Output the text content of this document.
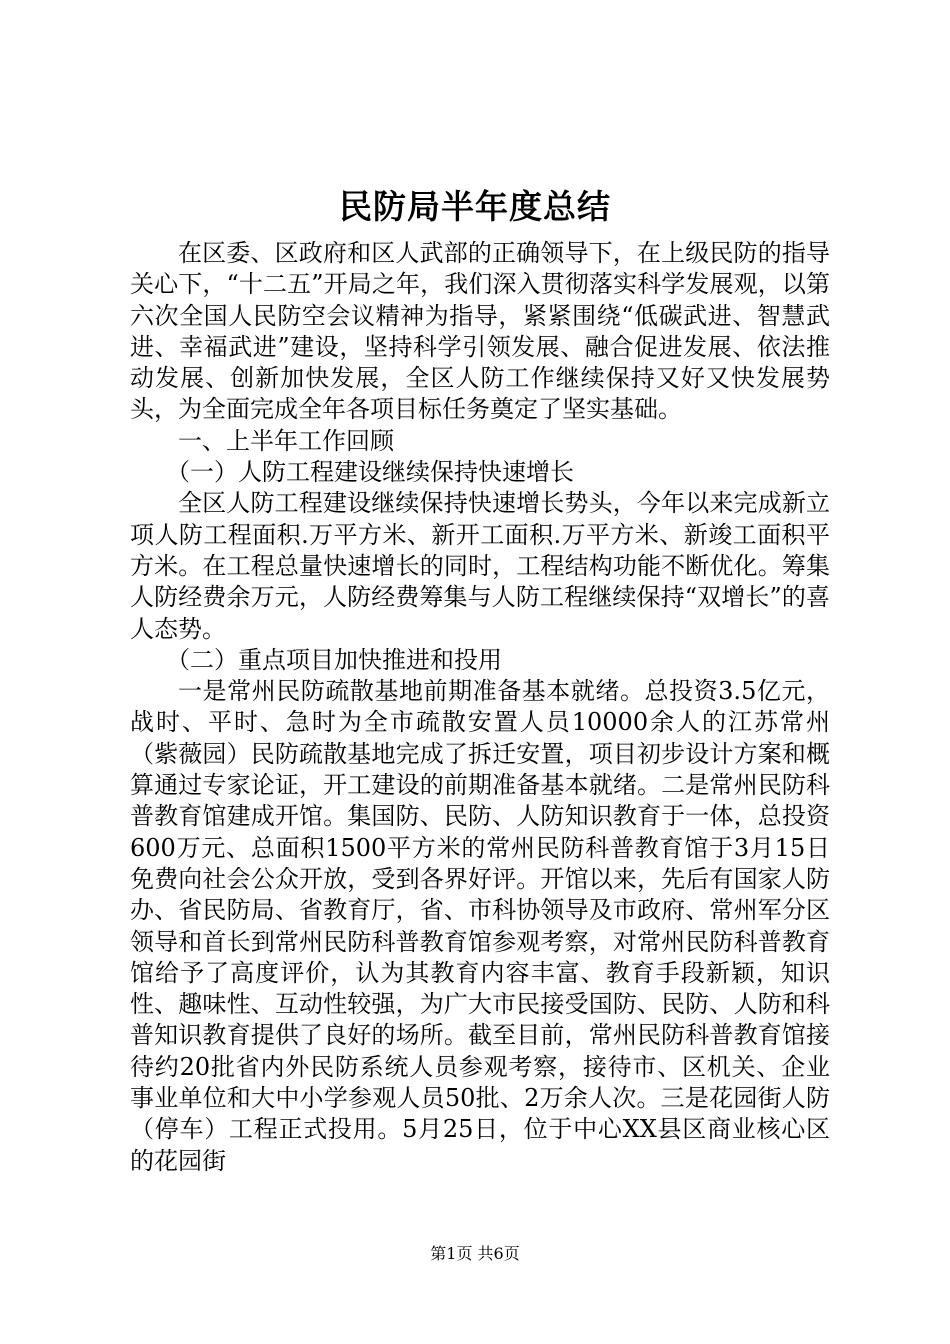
民防局半年度总结

在区委、区政府和区人武部的正确领导下，在上级民防的指导关心下，“十二五”开局之年，我们深入贯彻落实科学发展观，以第六次全国人民防空会议精神为指导，紧紧围绕“低碳武进、智慧武进、幸福武进”建设，坚持科学引领发展、融合促进发展、依法推动发展、创新加快发展，全区人防工作继续保持又好又快发展势头，为全面完成全年各项目标任务奠定了坚实基础。

一、上半年工作回顾

（一）人防工程建设继续保持快速增长

全区人防工程建设继续保持快速增长势头，今年以来完成新立项人防工程面积.万平方米、新开工面积.万平方米、新竣工面积平方米。在工程总量快速增长的同时，工程结构功能不断优化。筹集人防经费余万元，人防经费筹集与人防工程继续保持“双增长”的喜人态势。

（二）重点项目加快推进和投用

一是常州民防疏散基地前期准备基本就绪。总投资3.5亿元，战时、平时、急时为全市疏散安置人员10000余人的江苏常州（紫薇园）民防疏散基地完成了拆迁安置，项目初步设计方案和概算通过专家论证，开工建设的前期准备基本就绪。二是常州民防科普教育馆建成开馆。集国防、民防、人防知识教育于一体，总投资600万元、总面积1500平方米的常州民防科普教育馆于3月15日免费向社会公众开放，受到各界好评。开馆以来，先后有国家人防办、省民防局、省教育厅，省、市科协领导及市政府、常州军分区领导和首长到常州民防科普教育馆参观考察，对常州民防科普教育馆给予了高度评价，认为其教育内容丰富、教育手段新颖，知识性、趣味性、互动性较强，为广大市民接受国防、民防、人防和科普知识教育提供了良好的场所。截至目前，常州民防科普教育馆接待约20批省内外民防系统人员参观考察，接待市、区机关、企业事业单位和大中小学参观人员50批、2万余人次。三是花园街人防（停车）工程正式投用。5月25日，位于中心XX县区商业核心区的花园街

第1页 共6页
